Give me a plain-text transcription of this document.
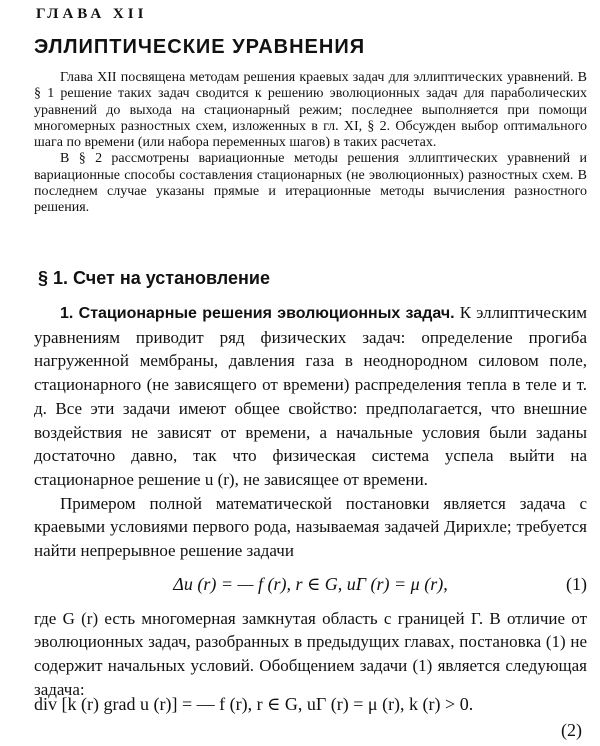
ГЛАВА XII
ЭЛЛИПТИЧЕСКИЕ УРАВНЕНИЯ

Глава XII посвящена методам решения краевых задач для эллиптических уравнений. В § 1 решение таких задач сводится к решению эволюционных задач для параболических уравнений до выхода на стационарный режим; последнее выполняется при помощи многомерных разностных схем, изложенных в гл. XI, § 2. Обсужден выбор оптимального шага по времени (или набора переменных шагов) в таких расчетах.

В § 2 рассмотрены вариационные методы решения эллиптических уравнений и вариационные способы составления стационарных (не эволюционных) разностных схем. В последнем случае указаны прямые и итерационные методы вычисления разностного решения.

§ 1. Счет на установление

1. Стационарные решения эволюционных задач. К эллиптическим уравнениям приводит ряд физических задач: определение прогиба нагруженной мембраны, давления газа в неоднородном силовом поле, стационарного (не зависящего от времени) распределения тепла в теле и т. д. Все эти задачи имеют общее свойство: предполагается, что внешние воздействия не зависят от времени, а начальные условия были заданы достаточно давно, так что физическая система успела выйти на стационарное решение u (r), не зависящее от времени.

Примером полной математической постановки является задача с краевыми условиями первого рода, называемая задачей Дирихле; требуется найти непрерывное решение задачи

Δu (r) = — f (r), r ∈ G, uГ (r) = μ (r),	(1)

где G (r) есть многомерная замкнутая область с границей Г. В отличие от эволюционных задач, разобранных в предыдущих главах, постановка (1) не содержит начальных условий. Обобщением задачи (1) является следующая задача:

div [k (r) grad u (r)] = — f (r), r ∈ G, uГ (r) = μ (r), k (r) > 0.
(2)
